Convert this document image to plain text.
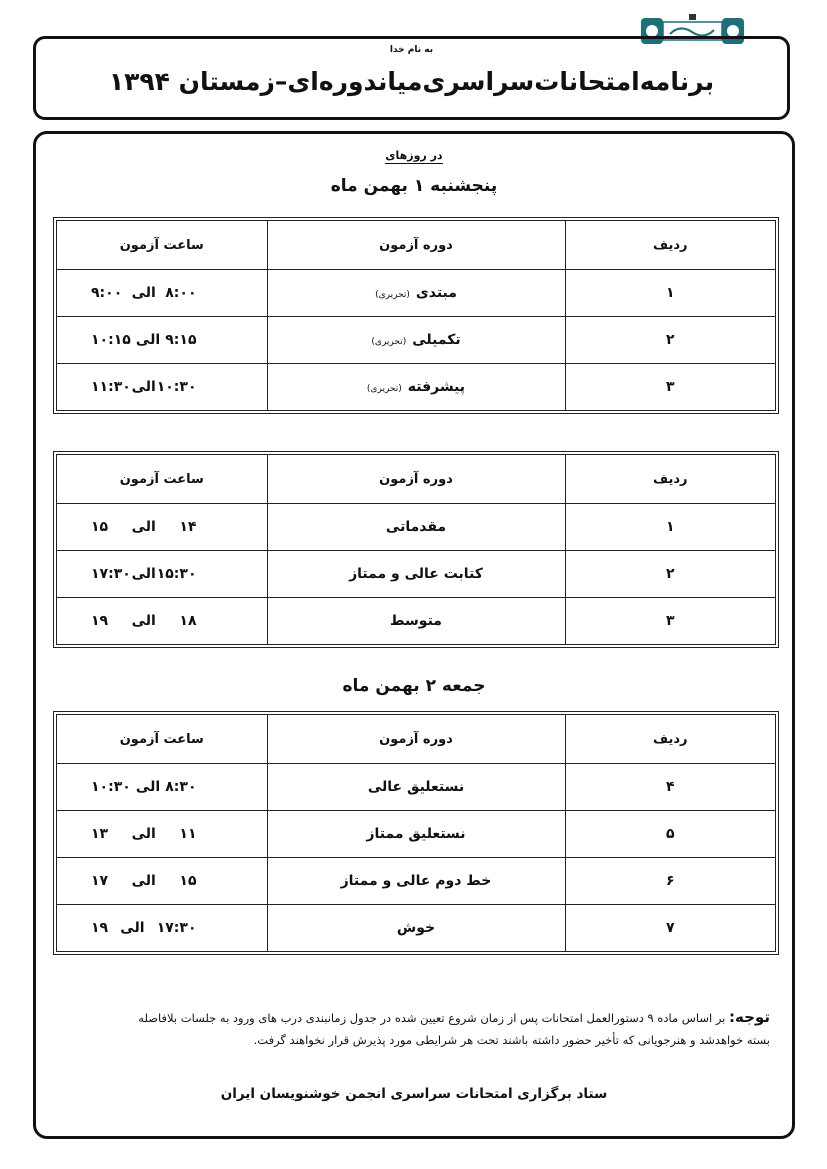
به نام خدا
برنامه‌امتحانات‌سراسری‌میاندوره‌ای–زمستان ۱۳۹۴
در روزهای
پنجشنبه ۱ بهمن ماه
ردیف	دوره آزمون	ساعت آزمون
۱	مبتدی(تحریری)	۸:۰۰
الی
۹:۰۰

۲	تکمیلی(تحریری)	۹:۱۵
الی
۱۰:۱۵

۳	پیشرفته(تحریری)	۱۰:۳۰
الی
۱۱:۳۰
ردیف	دوره آزمون	ساعت آزمون
۱	مقدماتی	۱۴
الی
۱۵

۲	کتابت عالی و ممتاز	۱۵:۳۰
الی
۱۷:۳۰

۳	متوسط	۱۸
الی
۱۹
جمعه ۲ بهمن ماه
ردیف	دوره آزمون	ساعت آزمون
۴	نستعلیق عالی	۸:۳۰
الی
۱۰:۳۰

۵	نستعلیق ممتاز	۱۱
الی
۱۳

۶	خط دوم عالی و ممتاز	۱۵
الی
۱۷

۷	خوش	۱۷:۳۰
الی
۱۹
توجه: بر اساس ماده ۹ دستورالعمل امتحانات پس از زمان شروع تعیین شده در جدول زمانبندی درب های ورود به جلسات بلافاصله
بسته خواهدشد و هنرجویانی که تأخیر حضور داشته باشند تحت هر شرایطی مورد پذیرش قرار نخواهند گرفت.
ستاد برگزاری امتحانات سراسری انجمن خوشنویسان ایران
